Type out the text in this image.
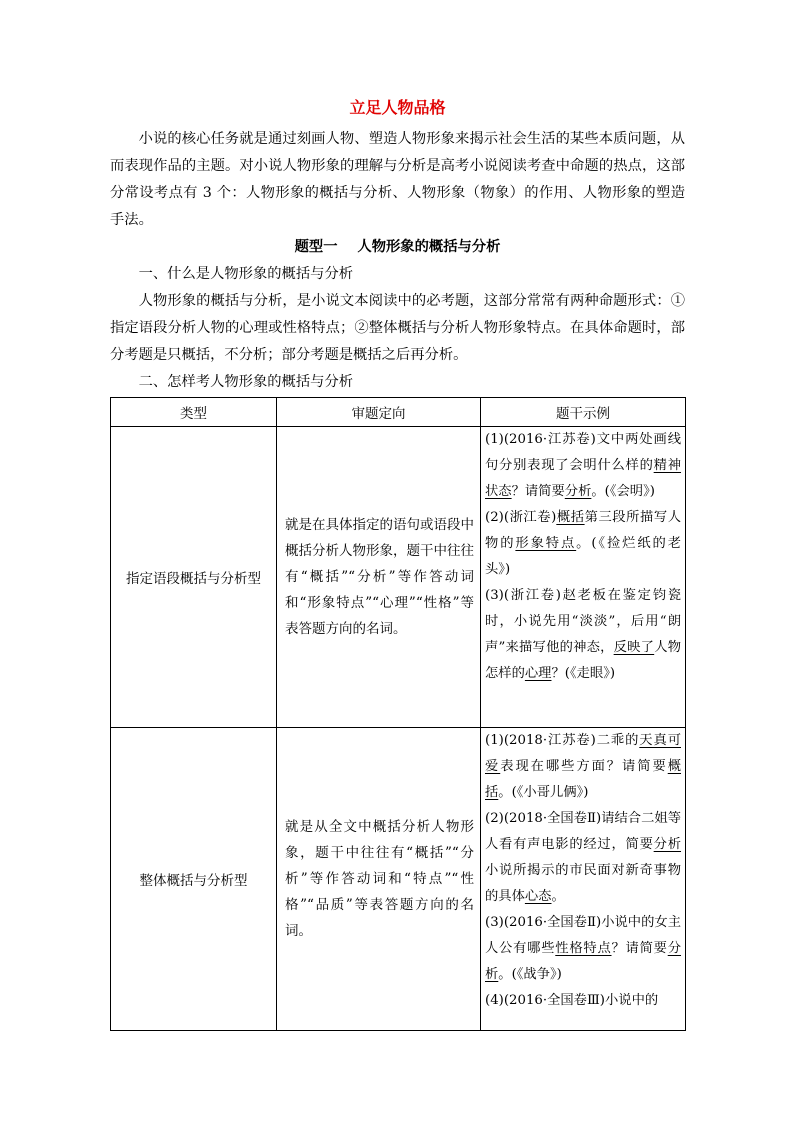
立足人物品格

小说的核心任务就是通过刻画人物、塑造人物形象来揭示社会生活的某些本质问题，从而表现作品的主题。对小说人物形象的理解与分析是高考小说阅读考查中命题的热点，这部分常设考点有 3 个：人物形象的概括与分析、人物形象（物象）的作用、人物形象的塑造手法。

题型一 人物形象的概括与分析

一、什么是人物形象的概括与分析

人物形象的概括与分析，是小说文本阅读中的必考题，这部分常常有两种命题形式：①指定语段分析人物的心理或性格特点；②整体概括与分析人物形象特点。在具体命题时，部分考题是只概括，不分析；部分考题是概括之后再分析。

二、怎样考人物形象的概括与分析

类型	审题定向	题干示例
指定语段概括与分析型	就是在具体指定的语句或语段中概括分析人物形象，题干中往往有“概括”“分析”等作答动词和“形象特点”“心理”“性格”等表答题方向的名词。	(1)(2016·江苏卷)文中两处画线句分别表现了会明什么样的精神状态？请简要分析。(《会明》)

(2)(浙江卷)概括第三段所描写人物的形象特点。(《捡烂纸的老头》)

(3)(浙江卷)赵老板在鉴定钧瓷时，小说先用“淡淡”，后用“朗声”来描写他的神态，反映了人物怎样的心理？(《走眼》)

整体概括与分析型	就是从全文中概括分析人物形象，题干中往往有“概括”“分析”等作答动词和“特点”“性格”“品质”等表答题方向的名词。	(1)(2018·江苏卷)二乖的天真可爱表现在哪些方面？请简要概括。(《小哥儿俩》)

(2)(2018·全国卷Ⅱ)请结合二姐等人看有声电影的经过，简要分析小说所揭示的市民面对新奇事物的具体心态。

(3)(2016·全国卷Ⅱ)小说中的女主人公有哪些性格特点？请简要分析。(《战争》)

(4)(2016·全国卷Ⅲ)小说中的
